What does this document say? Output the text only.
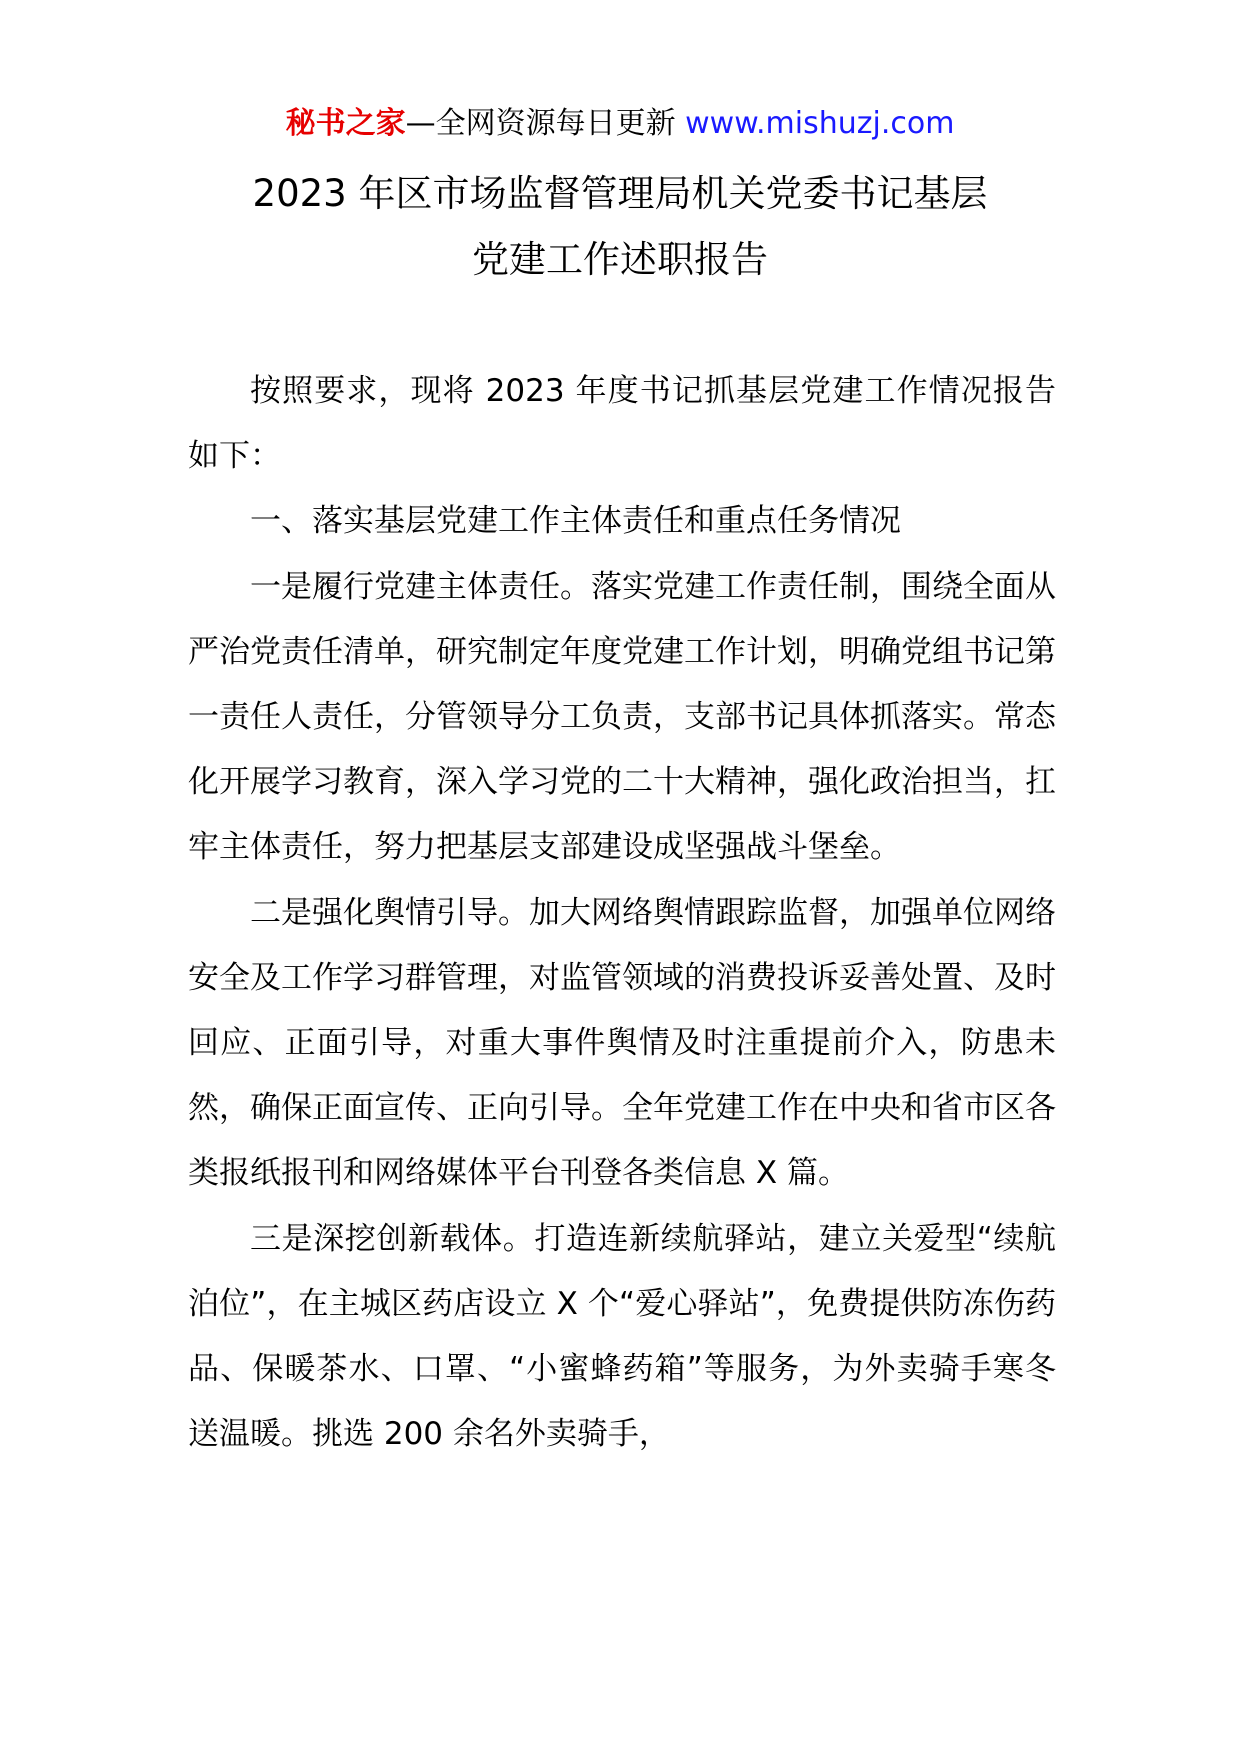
秘书之家—全网资源每日更新 www.mishuzj.com
2023 年区市场监督管理局机关党委书记基层
党建工作述职报告

按照要求，现将 2023 年度书记抓基层党建工作情况报告如下：

一、落实基层党建工作主体责任和重点任务情况

一是履行党建主体责任。落实党建工作责任制，围绕全面从严治党责任清单，研究制定年度党建工作计划，明确党组书记第一责任人责任，分管领导分工负责，支部书记具体抓落实。常态化开展学习教育，深入学习党的二十大精神，强化政治担当，扛牢主体责任，努力把基层支部建设成坚强战斗堡垒。

二是强化舆情引导。加大网络舆情跟踪监督，加强单位网络安全及工作学习群管理，对监管领域的消费投诉妥善处置、及时回应、正面引导，对重大事件舆情及时注重提前介入，防患未然，确保正面宣传、正向引导。全年党建工作在中央和省市区各类报纸报刊和网络媒体平台刊登各类信息 X 篇。

三是深挖创新载体。打造连新续航驿站，建立关爱型“续航泊位”，在主城区药店设立 X 个“爱心驿站”，免费提供防冻伤药品、保暖茶水、口罩、“小蜜蜂药箱”等服务，为外卖骑手寒冬送温暖。挑选 200 余名外卖骑手，
